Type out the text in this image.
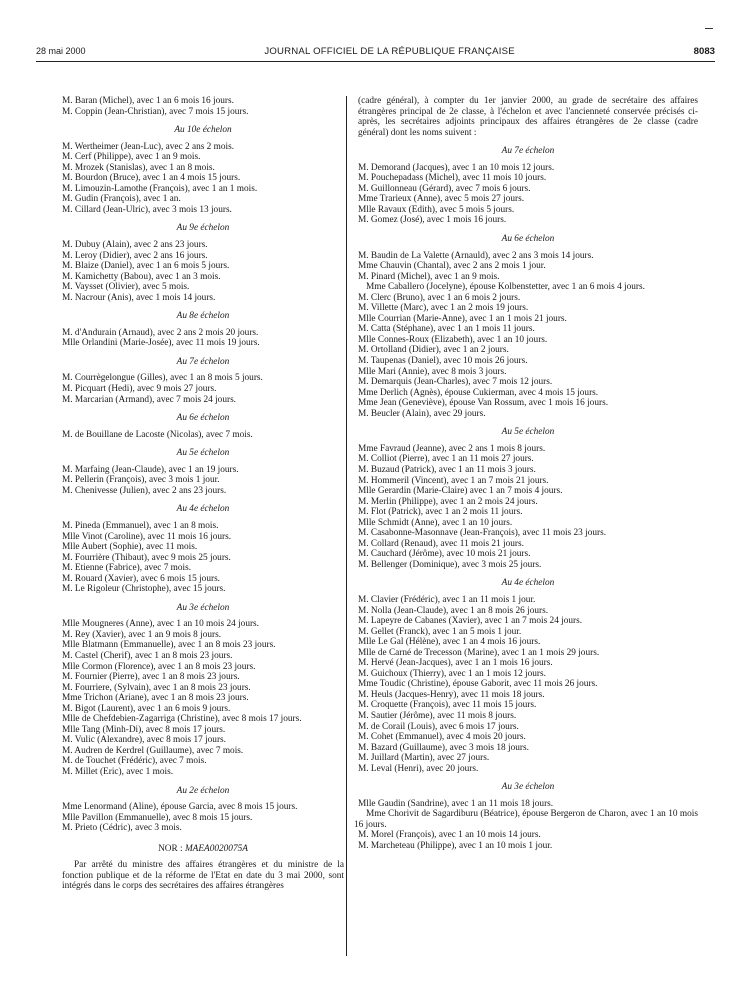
28 mai 2000	JOURNAL OFFICIEL DE LA RÉPUBLIQUE FRANÇAISE	8083
M. Baran (Michel), avec 1 an 6 mois 16 jours.
M. Coppin (Jean-Christian), avec 7 mois 15 jours.
Au 10e échelon
M. Wertheimer (Jean-Luc), avec 2 ans 2 mois.
M. Cerf (Philippe), avec 1 an 9 mois.
M. Mrozek (Stanislas), avec 1 an 8 mois.
M. Bourdon (Bruce), avec 1 an 4 mois 15 jours.
M. Limouzin-Lamothe (François), avec 1 an 1 mois.
M. Gudin (François), avec 1 an.
M. Cillard (Jean-Ulric), avec 3 mois 13 jours.
Au 9e échelon
M. Dubuy (Alain), avec 2 ans 23 jours.
M. Leroy (Didier), avec 2 ans 16 jours.
M. Blaize (Daniel), avec 1 an 6 mois 5 jours.
M. Kamichetty (Babou), avec 1 an 3 mois.
M. Vaysset (Olivier), avec 5 mois.
M. Nacrour (Anis), avec 1 mois 14 jours.
Au 8e échelon
M. d'Andurain (Arnaud), avec 2 ans 2 mois 20 jours.
Mlle Orlandini (Marie-Josée), avec 11 mois 19 jours.
Au 7e échelon
M. Courrègelongue (Gilles), avec 1 an 8 mois 5 jours.
M. Picquart (Hedi), avec 9 mois 27 jours.
M. Marcarian (Armand), avec 7 mois 24 jours.
Au 6e échelon
M. de Bouillane de Lacoste (Nicolas), avec 7 mois.
Au 5e échelon
M. Marfaing (Jean-Claude), avec 1 an 19 jours.
M. Pellerin (François), avec 3 mois 1 jour.
M. Chenivesse (Julien), avec 2 ans 23 jours.
Au 4e échelon
M. Pineda (Emmanuel), avec 1 an 8 mois.
Mlle Vinot (Caroline), avec 11 mois 16 jours.
Mlle Aubert (Sophie), avec 11 mois.
M. Fourrière (Thibaut), avec 9 mois 25 jours.
M. Etienne (Fabrice), avec 7 mois.
M. Rouard (Xavier), avec 6 mois 15 jours.
M. Le Rigoleur (Christophe), avec 15 jours.
Au 3e échelon
Mlle Mougneres (Anne), avec 1 an 10 mois 24 jours.
M. Rey (Xavier), avec 1 an 9 mois 8 jours.
Mlle Blatmann (Emmanuelle), avec 1 an 8 mois 23 jours.
M. Castel (Cherif), avec 1 an 8 mois 23 jours.
Mlle Cormon (Florence), avec 1 an 8 mois 23 jours.
M. Fournier (Pierre), avec 1 an 8 mois 23 jours.
M. Fourriere, (Sylvain), avec 1 an 8 mois 23 jours.
Mme Trichon (Ariane), avec 1 an 8 mois 23 jours.
M. Bigot (Laurent), avec 1 an 6 mois 9 jours.
Mlle de Chefdebien-Zagarriga (Christine), avec 8 mois 17 jours.
Mlle Tang (Minh-Di), avec 8 mois 17 jours.
M. Vulic (Alexandre), avec 8 mois 17 jours.
M. Audren de Kerdrel (Guillaume), avec 7 mois.
M. de Touchet (Frédéric), avec 7 mois.
M. Millet (Eric), avec 1 mois.
Au 2e échelon
Mme Lenormand (Aline), épouse Garcia, avec 8 mois 15 jours.
Mlle Pavillon (Emmanuelle), avec 8 mois 15 jours.
M. Prieto (Cédric), avec 3 mois.
NOR : MAEA0020075A
Par arrêté du ministre des affaires étrangères et du ministre de la fonction publique et de la réforme de l'Etat en date du 3 mai 2000, sont intégrés dans le corps des secrétaires des affaires étrangères
(cadre général), à compter du 1er janvier 2000, au grade de secrétaire des affaires étrangères principal de 2e classe, à l'échelon et avec l'ancienneté conservée précisés ci-après, les secrétaires adjoints principaux des affaires étrangères de 2e classe (cadre général) dont les noms suivent :
Au 7e échelon
M. Demorand (Jacques), avec 1 an 10 mois 12 jours.
M. Pouchepadass (Michel), avec 11 mois 10 jours.
M. Guillonneau (Gérard), avec 7 mois 6 jours.
Mme Trarieux (Anne), avec 5 mois 27 jours.
Mlle Ravaux (Edith), avec 5 mois 5 jours.
M. Gomez (José), avec 1 mois 16 jours.
Au 6e échelon
M. Baudin de La Valette (Arnauld), avec 2 ans 3 mois 14 jours.
Mme Chauvin (Chantal), avec 2 ans 2 mois 1 jour.
M. Pinard (Michel), avec 1 an 9 mois.
Mme Caballero (Jocelyne), épouse Kolbenstetter, avec 1 an 6 mois 4 jours.
M. Clerc (Bruno), avec 1 an 6 mois 2 jours.
M. Villette (Marc), avec 1 an 2 mois 19 jours.
Mlle Courrian (Marie-Anne), avec 1 an 1 mois 21 jours.
M. Catta (Stéphane), avec 1 an 1 mois 11 jours.
Mlle Connes-Roux (Elizabeth), avec 1 an 10 jours.
M. Ortolland (Didier), avec 1 an 2 jours.
M. Taupenas (Daniel), avec 10 mois 26 jours.
Mlle Mari (Annie), avec 8 mois 3 jours.
M. Demarquis (Jean-Charles), avec 7 mois 12 jours.
Mme Derlich (Agnès), épouse Cukierman, avec 4 mois 15 jours.
Mme Jean (Geneviève), épouse Van Rossum, avec 1 mois 16 jours.
M. Beucler (Alain), avec 29 jours.
Au 5e échelon
Mme Favraud (Jeanne), avec 2 ans 1 mois 8 jours.
M. Colliot (Pierre), avec 1 an 11 mois 27 jours.
M. Buzaud (Patrick), avec 1 an 11 mois 3 jours.
M. Hommeril (Vincent), avec 1 an 7 mois 21 jours.
Mlle Gerardin (Marie-Claire) avec 1 an 7 mois 4 jours.
M. Merlin (Philippe), avec 1 an 2 mois 24 jours.
M. Flot (Patrick), avec 1 an 2 mois 11 jours.
Mlle Schmidt (Anne), avec 1 an 10 jours.
M. Casabonne-Masonnave (Jean-François), avec 11 mois 23 jours.
M. Collard (Renaud), avec 11 mois 21 jours.
M. Cauchard (Jérôme), avec 10 mois 21 jours.
M. Bellenger (Dominique), avec 3 mois 25 jours.
Au 4e échelon
M. Clavier (Frédéric), avec 1 an 11 mois 1 jour.
M. Nolla (Jean-Claude), avec 1 an 8 mois 26 jours.
M. Lapeyre de Cabanes (Xavier), avec 1 an 7 mois 24 jours.
M. Gellet (Franck), avec 1 an 5 mois 1 jour.
Mlle Le Gal (Hélène), avec 1 an 4 mois 16 jours.
Mlle de Carné de Trecesson (Marine), avec 1 an 1 mois 29 jours.
M. Hervé (Jean-Jacques), avec 1 an 1 mois 16 jours.
M. Guichoux (Thierry), avec 1 an 1 mois 12 jours.
Mme Toudic (Christine), épouse Gaborit, avec 11 mois 26 jours.
M. Heuls (Jacques-Henry), avec 11 mois 18 jours.
M. Croquette (François), avec 11 mois 15 jours.
M. Sautier (Jérôme), avec 11 mois 8 jours.
M. de Corail (Louis), avec 6 mois 17 jours.
M. Cohet (Emmanuel), avec 4 mois 20 jours.
M. Bazard (Guillaume), avec 3 mois 18 jours.
M. Juillard (Martin), avec 27 jours.
M. Leval (Henri), avec 20 jours.
Au 3e échelon
Mlle Gaudin (Sandrine), avec 1 an 11 mois 18 jours.
Mme Chorivit de Sagardiburu (Béatrice), épouse Bergeron de Charon, avec 1 an 10 mois 16 jours.
M. Morel (François), avec 1 an 10 mois 14 jours.
M. Marcheteau (Philippe), avec 1 an 10 mois 1 jour.
